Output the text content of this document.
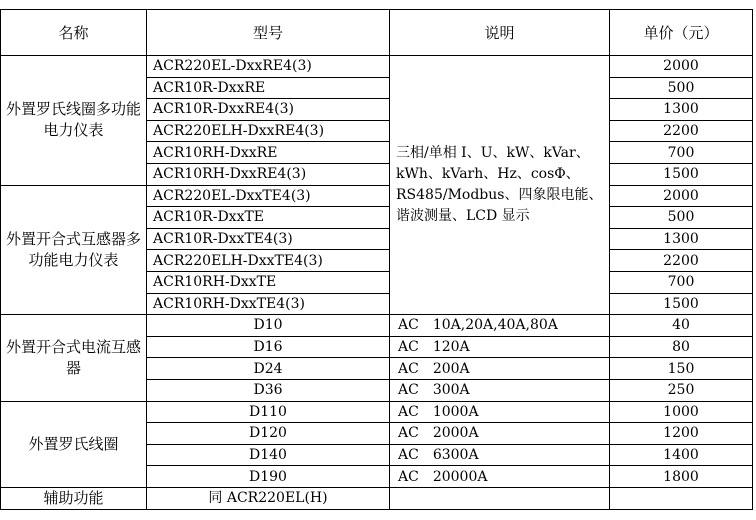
名称	型号	说明	单价（元）
外置罗氏线圈多功能电力仪表	ACR220EL-DxxRE4(3)	三相/单相 I、U、kW、kVar、kWh、kVarh、Hz、cosΦ、RS485/Modbus、四象限电能、谐波测量、LCD 显示	2000
	ACR10R-DxxRE		500
	ACR10R-DxxRE4(3)		1300
	ACR220ELH-DxxRE4(3)		2200
	ACR10RH-DxxRE		700
	ACR10RH-DxxRE4(3)		1500
外置开合式互感器多功能电力仪表	ACR220EL-DxxTE4(3)		2000
	ACR10R-DxxTE		500
	ACR10R-DxxTE4(3)		1300
	ACR220ELH-DxxTE4(3)		2200
	ACR10RH-DxxTE		700
	ACR10RH-DxxTE4(3)		1500
外置开合式电流互感器	D10	AC　10A,20A,40A,80A	40
	D16	AC　120A	80
	D24	AC　200A	150
	D36	AC　300A	250
外置罗氏线圈	D110	AC　1000A	1000
	D120	AC　2000A	1200
	D140	AC　6300A	1400
	D190	AC　20000A	1800
辅助功能	同 ACR220EL(H)		
